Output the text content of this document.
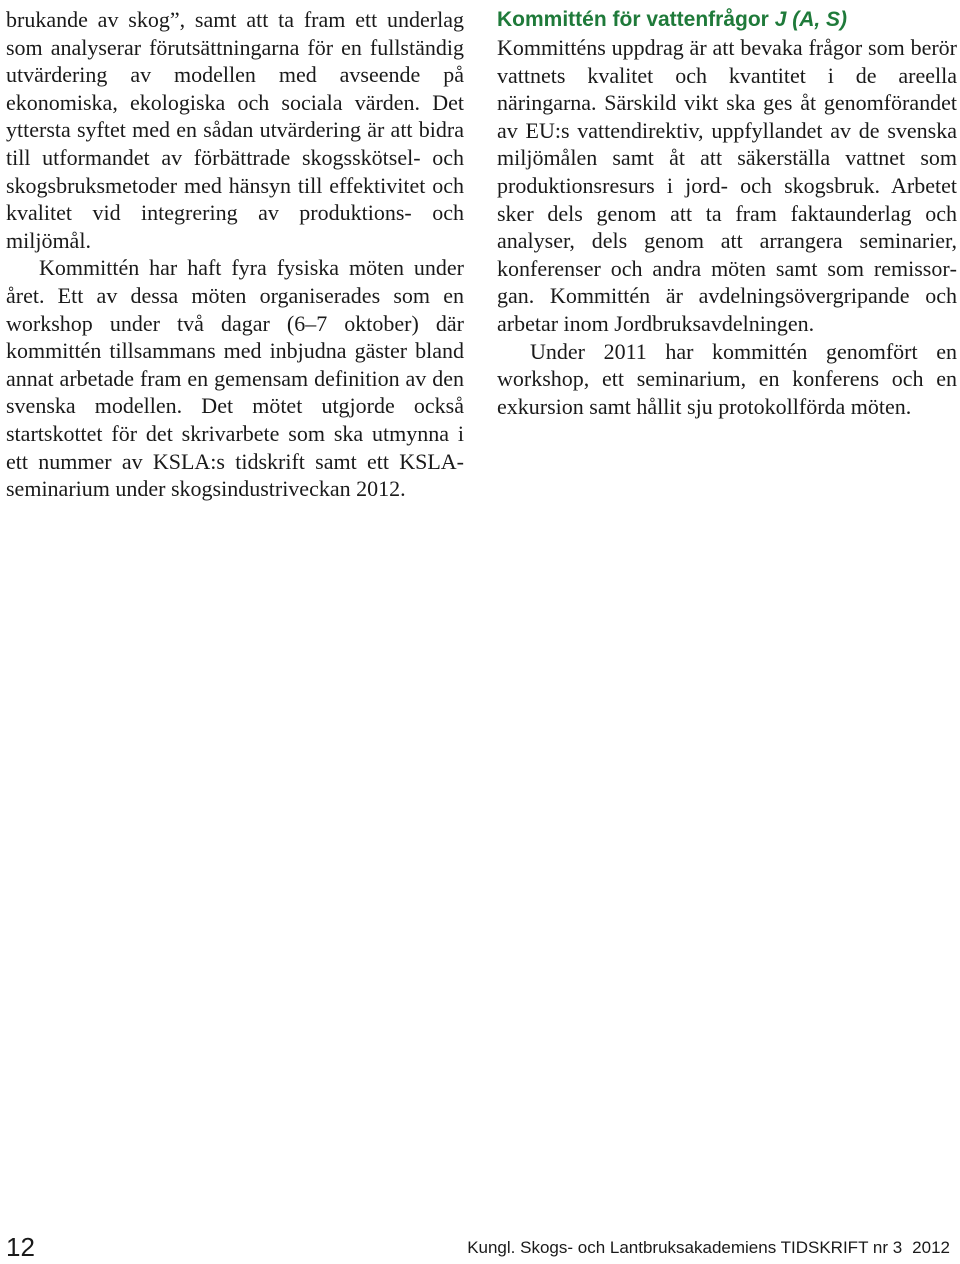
brukande av skog”, samt att ta fram ett underlag som analyserar förutsättningarna för en fullständig utvärdering av modellen med avseende på ekonomiska, ekologiska och sociala värden. Det yttersta syftet med en sådan utvärdering är att bidra till utformandet av förbättrade skogsskötsel- och skogsbruksmetoder med hänsyn till effektivitet och kvalitet vid integrering av produktions- och miljömål.

Kommittén har haft fyra fysiska möten under året. Ett av dessa möten organiserades som en workshop under två dagar (6–7 oktober) där kommittén tillsammans med inbjudna gäster bland annat arbetade fram en gemensam definition av den svenska modellen. Det mötet utgjorde också startskottet för det skrivarbete som ska utmynna i ett nummer av KSLA:s tidskrift samt ett KSLA-seminarium under skogsindustriveckan 2012.

Kommittén för vattenfrågor J (A, S)

Kommitténs uppdrag är att bevaka frågor som berör vattnets kvalitet och kvantitet i de areella näringarna. Särskild vikt ska ges åt genomförandet av EU:s vattendirektiv, uppfyllandet av de svenska miljömålen samt åt att säkerställa vattnet som produktionsresurs i jord- och skogsbruk. Arbetet sker dels genom att ta fram faktaunderlag och analyser, dels genom att arrangera seminarier, konferenser och andra möten samt som remissorgan. Kommittén är avdelningsövergripande och arbetar inom Jordbruksavdelningen.

Under 2011 har kommittén genomfört en workshop, ett seminarium, en konferens och en exkursion samt hållit sju protokollförda möten.

12	Kungl. Skogs- och Lantbruksakademiens TIDSKRIFT nr 3 2012
